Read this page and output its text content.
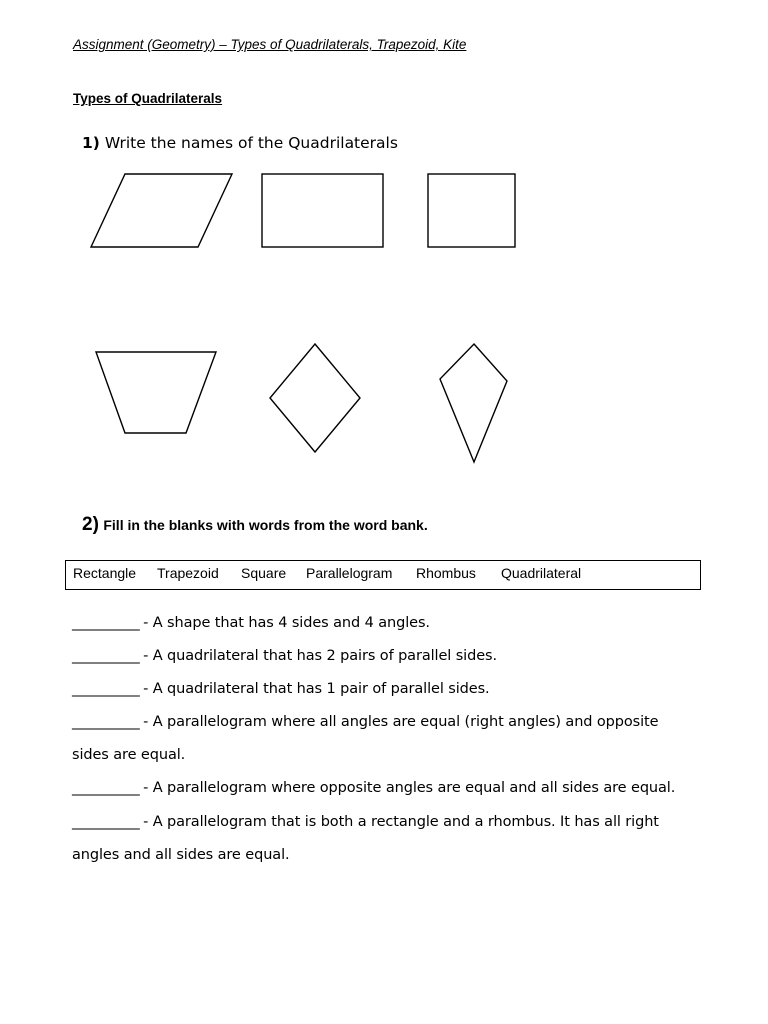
Assignment (Geometry) – Types of Quadrilaterals, Trapezoid, Kite
Types of Quadrilaterals
1) Write the names of the Quadrilaterals
2) Fill in the blanks with words from the word bank.
Rectangle Trapezoid Square Parallelogram Rhombus Quadrilateral
___________ - A shape that has 4 sides and 4 angles.
___________ - A quadrilateral that has 2 pairs of parallel sides.
___________ - A quadrilateral that has 1 pair of parallel sides.
___________ - A parallelogram where all angles are equal (right angles) and opposite
sides are equal.
___________ - A parallelogram where opposite angles are equal and all sides are equal.
___________ - A parallelogram that is both a rectangle and a rhombus. It has all right
angles and all sides are equal.
